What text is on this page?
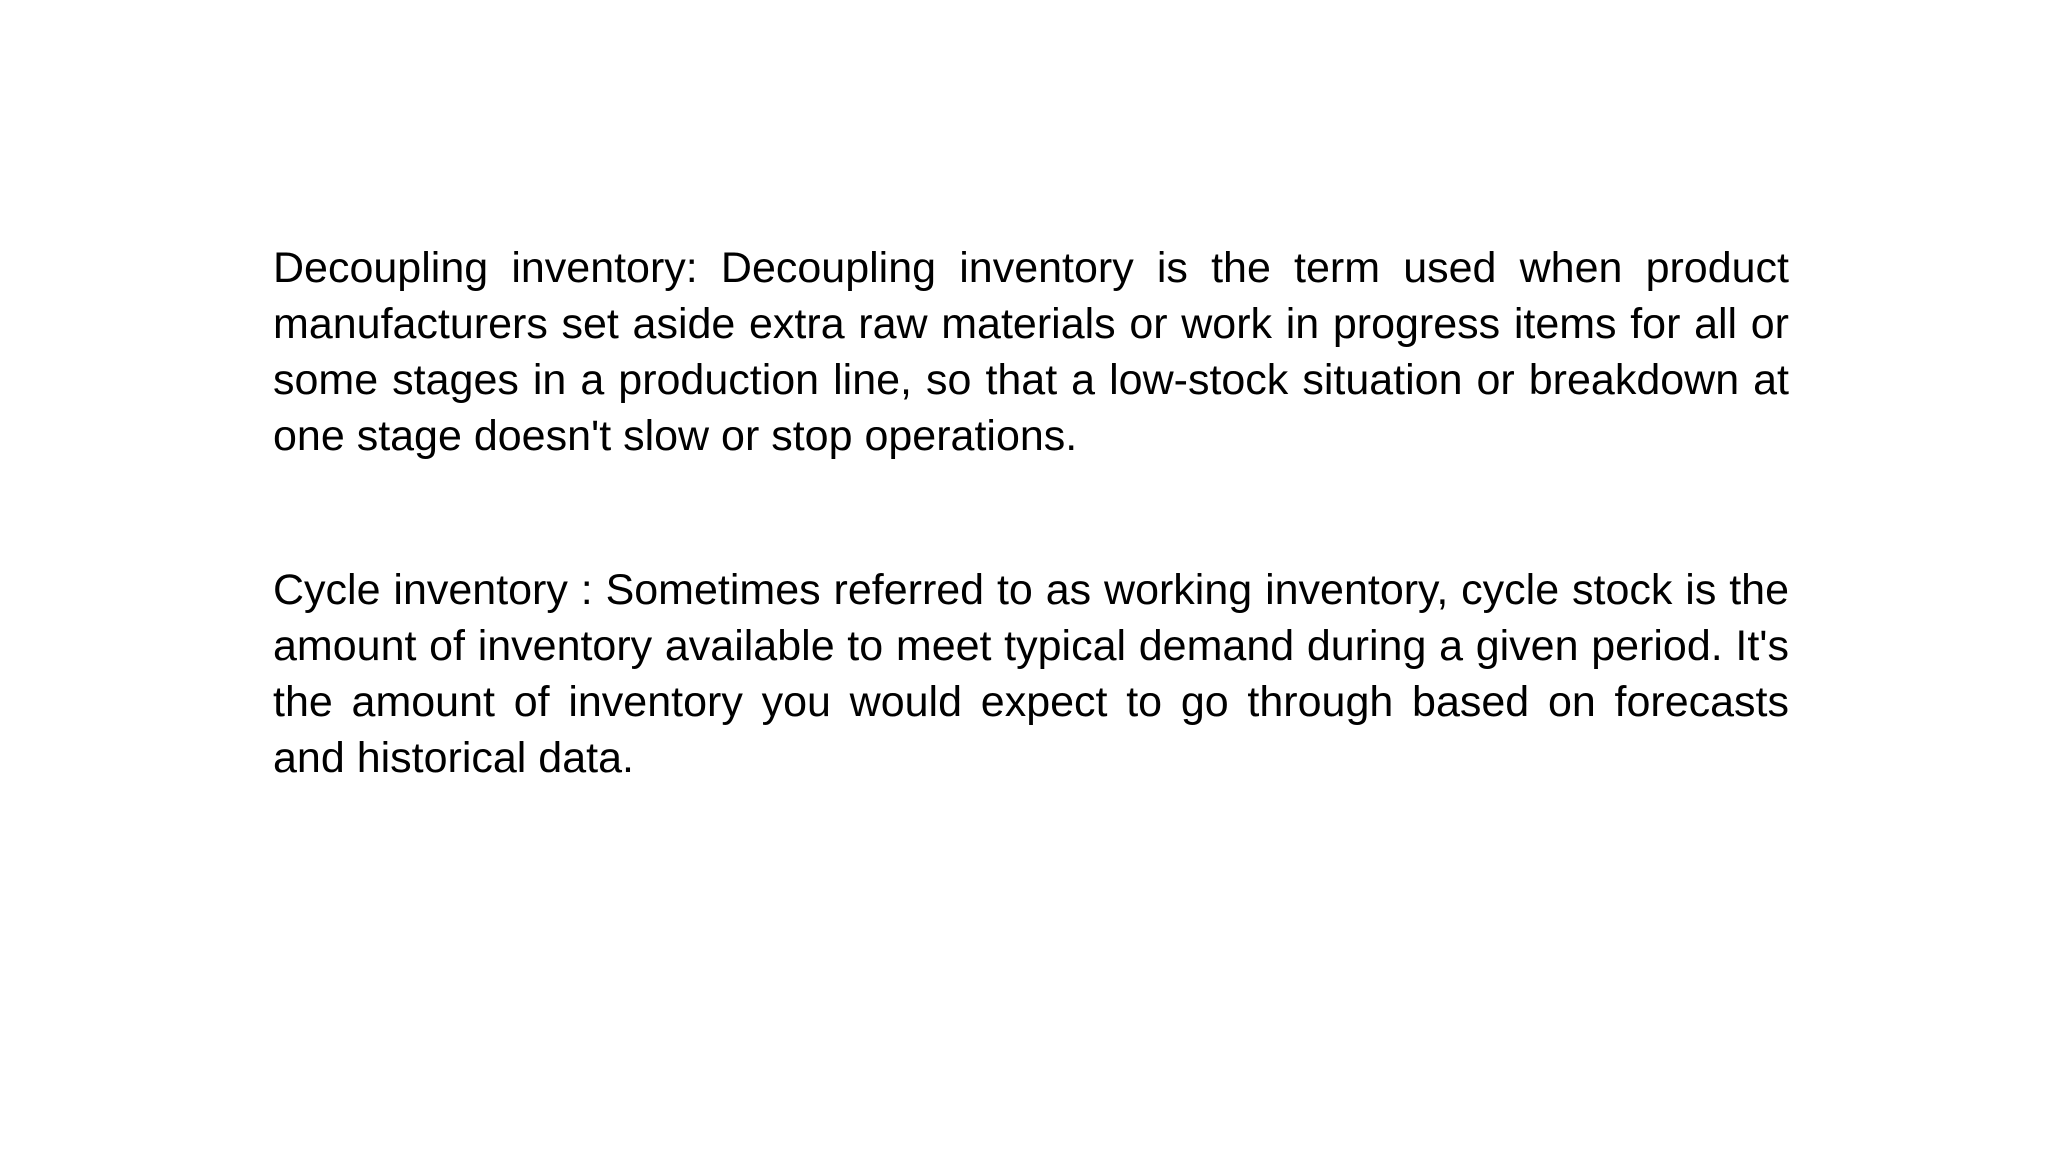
Decoupling inventory: Decoupling inventory is the term used when product manufacturers set aside extra raw materials or work in progress items for all or some stages in a production line, so that a low-stock situation or breakdown at one stage doesn't slow or stop operations.

Cycle inventory : Sometimes referred to as working inventory, cycle stock is the amount of inventory available to meet typical demand during a given period. It's the amount of inventory you would expect to go through based on forecasts and historical data.
